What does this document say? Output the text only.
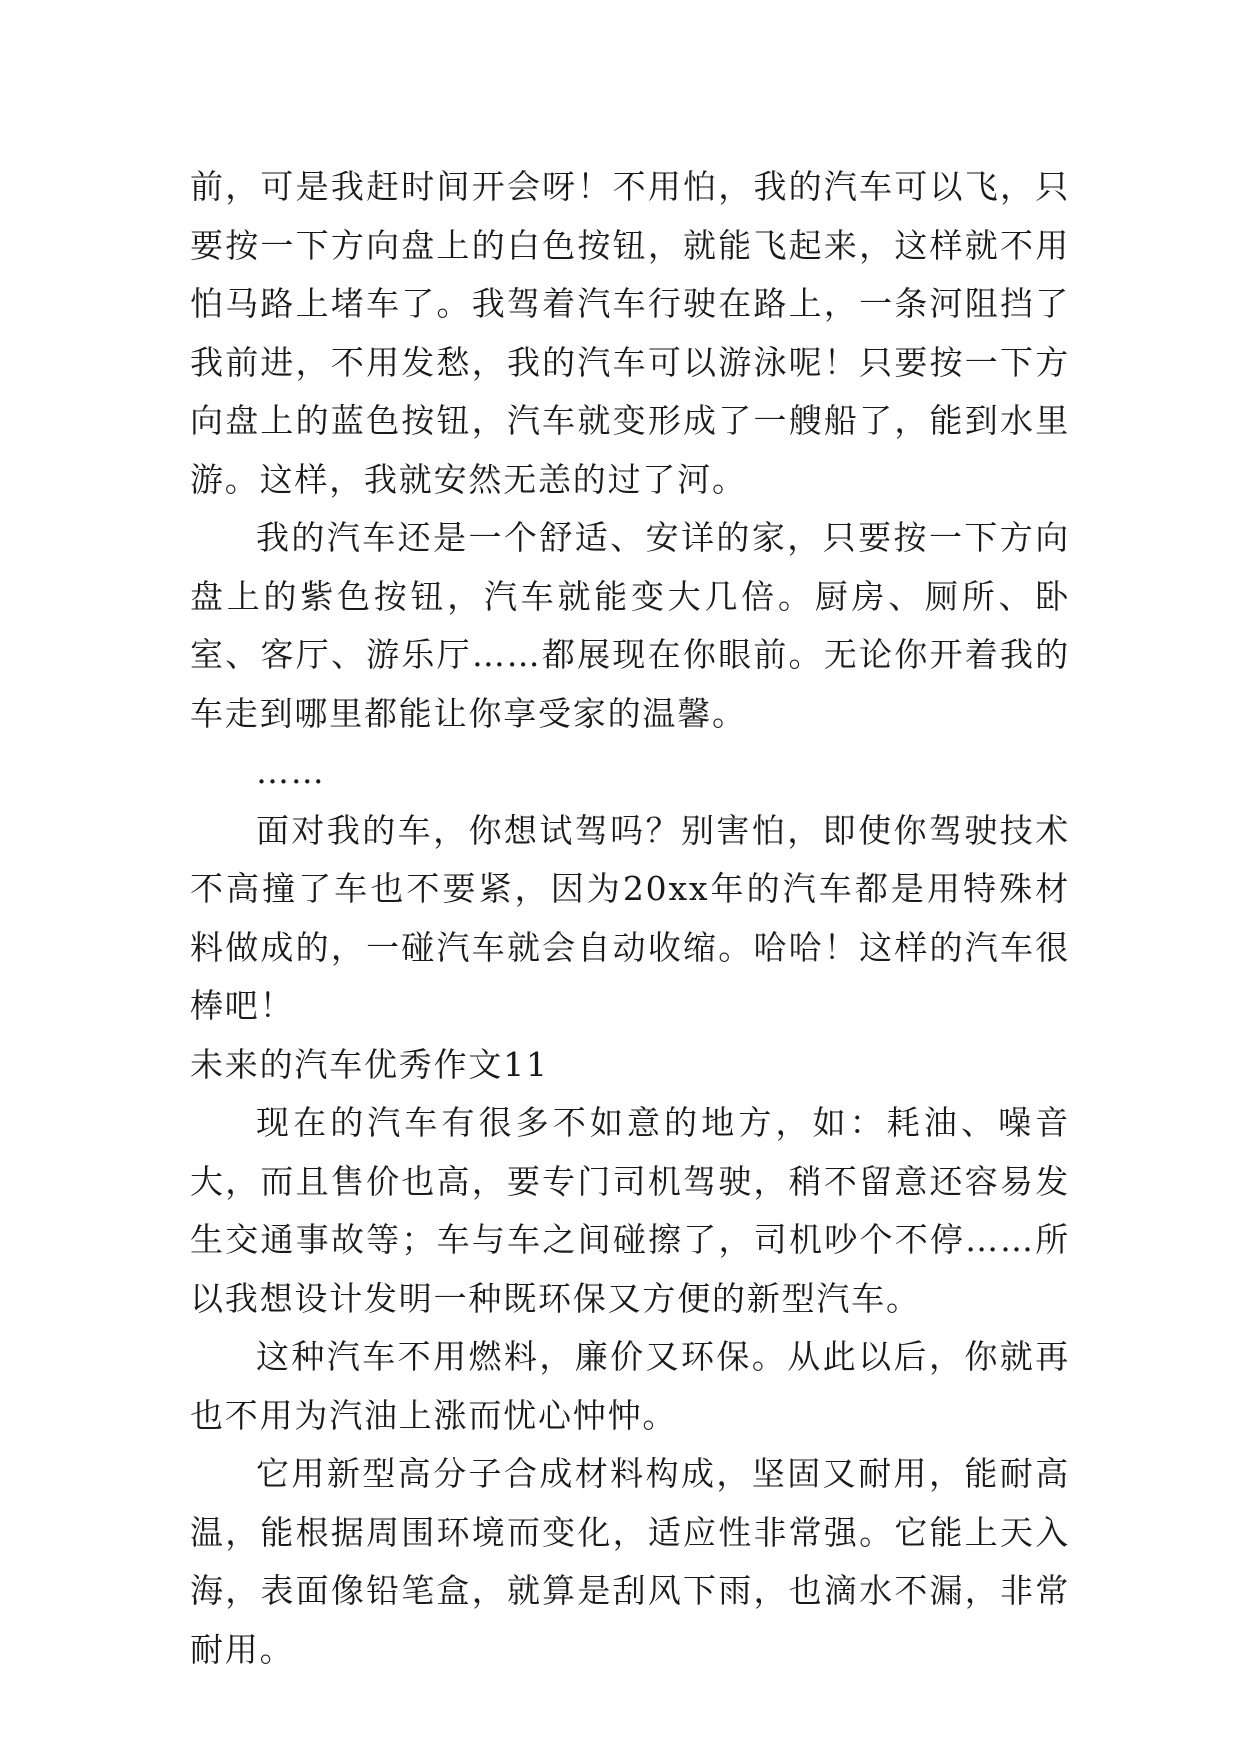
前，可是我赶时间开会呀！不用怕，我的汽车可以飞，只要按一下方向盘上的白色按钮，就能飞起来，这样就不用怕马路上堵车了。我驾着汽车行驶在路上，一条河阻挡了我前进，不用发愁，我的汽车可以游泳呢！只要按一下方向盘上的蓝色按钮，汽车就变形成了一艘船了，能到水里游。这样，我就安然无恙的过了河。

我的汽车还是一个舒适、安详的家，只要按一下方向盘上的紫色按钮，汽车就能变大几倍。厨房、厕所、卧室、客厅、游乐厅……都展现在你眼前。无论你开着我的车走到哪里都能让你享受家的温馨。

……

面对我的车，你想试驾吗？别害怕，即使你驾驶技术不高撞了车也不要紧，因为20xx年的汽车都是用特殊材料做成的，一碰汽车就会自动收缩。哈哈！这样的汽车很棒吧！

未来的汽车优秀作文11

现在的汽车有很多不如意的地方，如：耗油、噪音大，而且售价也高，要专门司机驾驶，稍不留意还容易发生交通事故等；车与车之间碰擦了，司机吵个不停……所以我想设计发明一种既环保又方便的新型汽车。

这种汽车不用燃料，廉价又环保。从此以后，你就再也不用为汽油上涨而忧心忡忡。

它用新型高分子合成材料构成，坚固又耐用，能耐高温，能根据周围环境而变化，适应性非常强。它能上天入海，表面像铅笔盒，就算是刮风下雨，也滴水不漏，非常耐用。
